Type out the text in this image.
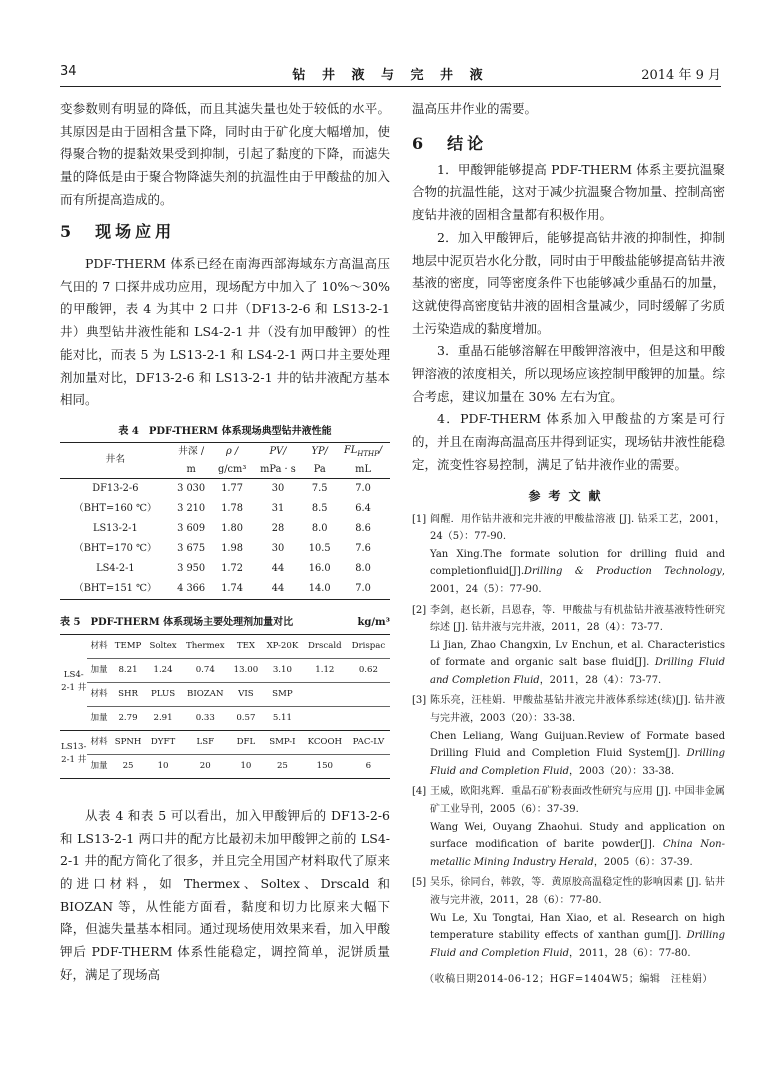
34	钻 井 液 与 完 井 液	2014 年 9 月

变参数则有明显的降低，而且其滤失量也处于较低的水平。其原因是由于固相含量下降，同时由于矿化度大幅增加，使得聚合物的提黏效果受到抑制，引起了黏度的下降，而滤失量的降低是由于聚合物降滤失剂的抗温性由于甲酸盐的加入而有所提高造成的。

5　现场应用

PDF-THERM 体系已经在南海西部海域东方高温高压气田的 7 口探井成功应用，现场配方中加入了 10%～30% 的甲酸钾，表 4 为其中 2 口井（DF13-2-6 和 LS13-2-1 井）典型钻井液性能和 LS4-2-1 井（没有加甲酸钾）的性能对比，而表 5 为 LS13-2-1 和 LS4-2-1 两口井主要处理剂加量对比，DF13-2-6 和 LS13-2-1 井的钻井液配方基本相同。

表 4　PDF-THERM 体系现场典型钻井液性能
井名	井深 /	ρ /	PV/	YP/	$FL_{HTHP}/$
	m	g/cm³	mPa · s	Pa	mL
DF13-2-6	3 030	1.77	30	7.5	7.0
（BHT=160 ℃）	3 210	1.78	31	8.5	6.4
LS13-2-1	3 609	1.80	28	8.0	8.6
（BHT=170 ℃）	3 675	1.98	30	10.5	7.6
LS4-2-1	3 950	1.72	44	16.0	8.0
（BHT=151 ℃）	4 366	1.74	44	14.0	7.0
表 5　PDF-THERM 体系现场主要处理剂加量对比	kg/m³
LS4-2-1 井	材料	TEMP	Soltex	Thermex	TEX	XP-20K	Drscald	Drispac
	加量	8.21	1.24	0.74	13.00	3.10	1.12	0.62
	材料	SHR	PLUS	BIOZAN	VIS	SMP		
	加量	2.79	2.91	0.33	0.57	5.11		
LS13-2-1 井	材料	SPNH	DYFT	LSF	DFL	SMP-I	KCOOH	PAC-LV
	加量	25	10	20	10	25	150	6

从表 4 和表 5 可以看出，加入甲酸钾后的 DF13-2-6 和 LS13-2-1 两口井的配方比最初未加甲酸钾之前的 LS4-2-1 井的配方简化了很多，并且完全用国产材料取代了原来的进口材料，如 Thermex、Soltex、Drscald 和 BIOZAN 等，从性能方面看，黏度和切力比原来大幅下降，但滤失量基本相同。通过现场使用效果来看，加入甲酸钾后 PDF-THERM 体系性能稳定，调控简单，泥饼质量好，满足了现场高

温高压井作业的需要。

6　结论

1．甲酸钾能够提高 PDF-THERM 体系主要抗温聚合物的抗温性能，这对于减少抗温聚合物加量、控制高密度钻井液的固相含量都有积极作用。

2．加入甲酸钾后，能够提高钻井液的抑制性，抑制地层中泥页岩水化分散，同时由于甲酸盐能够提高钻井液基液的密度，同等密度条件下也能够减少重晶石的加量，这就使得高密度钻井液的固相含量减少，同时缓解了劣质土污染造成的黏度增加。

3．重晶石能够溶解在甲酸钾溶液中，但是这和甲酸钾溶液的浓度相关，所以现场应该控制甲酸钾的加量。综合考虑，建议加量在 30% 左右为宜。

4．PDF-THERM 体系加入甲酸盐的方案是可行的，并且在南海高温高压井得到证实，现场钻井液性能稳定，流变性容易控制，满足了钻井液作业的需要。

参考文献
[1] 阎醒．用作钻井液和完井液的甲酸盐溶液 [J]. 钻采工艺，2001，24（5）：77-90.
Yan Xing.The formate solution for drilling fluid and completionfluid[J].Drilling & Production Technology, 2001，24（5）：77-90.
[2] 李剑，赵长新，吕恩春，等．甲酸盐与有机盐钻井液基液特性研究综述 [J]. 钻井液与完井液，2011，28（4）：73-77.
Li Jian, Zhao Changxin, Lv Enchun, et al. Characteristics of formate and organic salt base fluid[J]. Drilling Fluid and Completion Fluid，2011，28（4）：73-77.
[3] 陈乐亮，汪桂娟．甲酸盐基钻井液完井液体系综述(续)[J]. 钻井液与完井液，2003（20）：33-38.
Chen Leliang, Wang Guijuan.Review of Formate based Drilling Fluid and Completion Fluid System[J]. Drilling Fluid and Completion Fluid，2003（20）：33-38.
[4] 王威，欧阳兆辉．重晶石矿粉表面改性研究与应用 [J]. 中国非金属矿工业导刊，2005（6）：37-39.
Wang Wei, Ouyang Zhaohui. Study and application on surface modification of barite powder[J]. China Non-metallic Mining Industry Herald，2005（6）：37-39.
[5] 吴乐，徐同台，韩敦，等．黄原胶高温稳定性的影响因素 [J]. 钻井液与完井液，2011，28（6）：77-80.
Wu Le, Xu Tongtai, Han Xiao, et al. Research on high temperature stability effects of xanthan gum[J]. Drilling Fluid and Completion Fluid，2011，28（6）：77-80.
（收稿日期2014-06-12；HGF=1404W5；编辑　汪桂娟）
